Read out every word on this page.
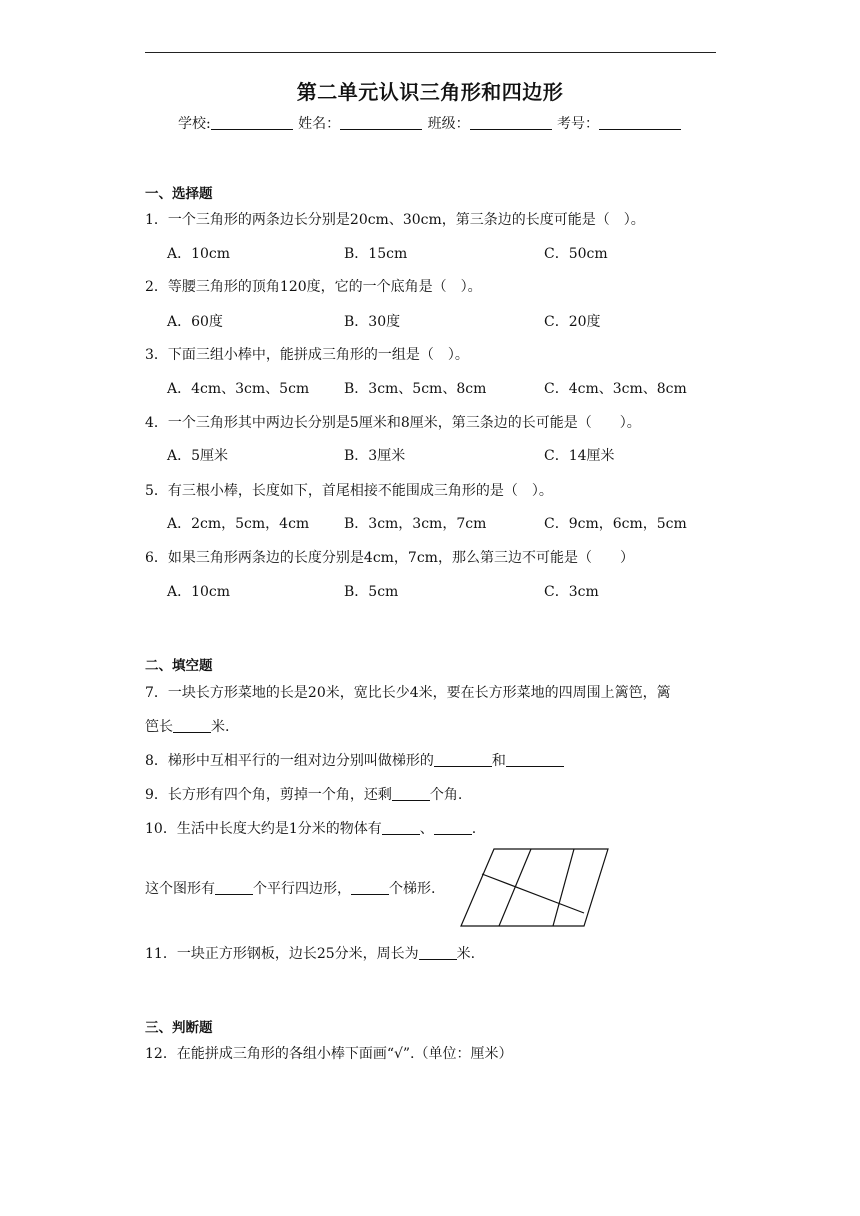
第二单元认识三角形和四边形
学校:	姓名：	班级：	考号：
一、选择题
1．一个三角形的两条边长分别是20cm、30cm，第三条边的长度可能是（　）。
A．10cm	B．15cm	C．50cm
2．等腰三角形的顶角120度，它的一个底角是（　）。
A．60度	B．30度	C．20度
3．下面三组小棒中，能拼成三角形的一组是（　）。
A．4cm、3cm、5cm B．3cm、5cm、8cm	C．4cm、3cm、8cm
4．一个三角形其中两边长分别是5厘米和8厘米，第三条边的长可能是（　　）。
A．5厘米	B．3厘米	C．14厘米
5．有三根小棒，长度如下，首尾相接不能围成三角形的是（　）。
A．2cm，5cm，4cm B．3cm，3cm，7cm	C．9cm，6cm，5cm
6．如果三角形两条边的长度分别是4cm，7cm，那么第三边不可能是（　　）
A．10cm	B．5cm	C．3cm
二、填空题
7．一块长方形菜地的长是20米，宽比长少4米，要在长方形菜地的四周围上篱笆，篱
笆长	米.
8．梯形中互相平行的一组对边分别叫做梯形的	和
9．长方形有四个角，剪掉一个角，还剩	个角.
10．生活中长度大约是1分米的物体有	、	.
这个图形有	个平行四边形，	个梯形.
11．一块正方形钢板，边长25分米，周长为	米.
三、判断题
12．在能拼成三角形的各组小棒下面画“√”.（单位：厘米）
